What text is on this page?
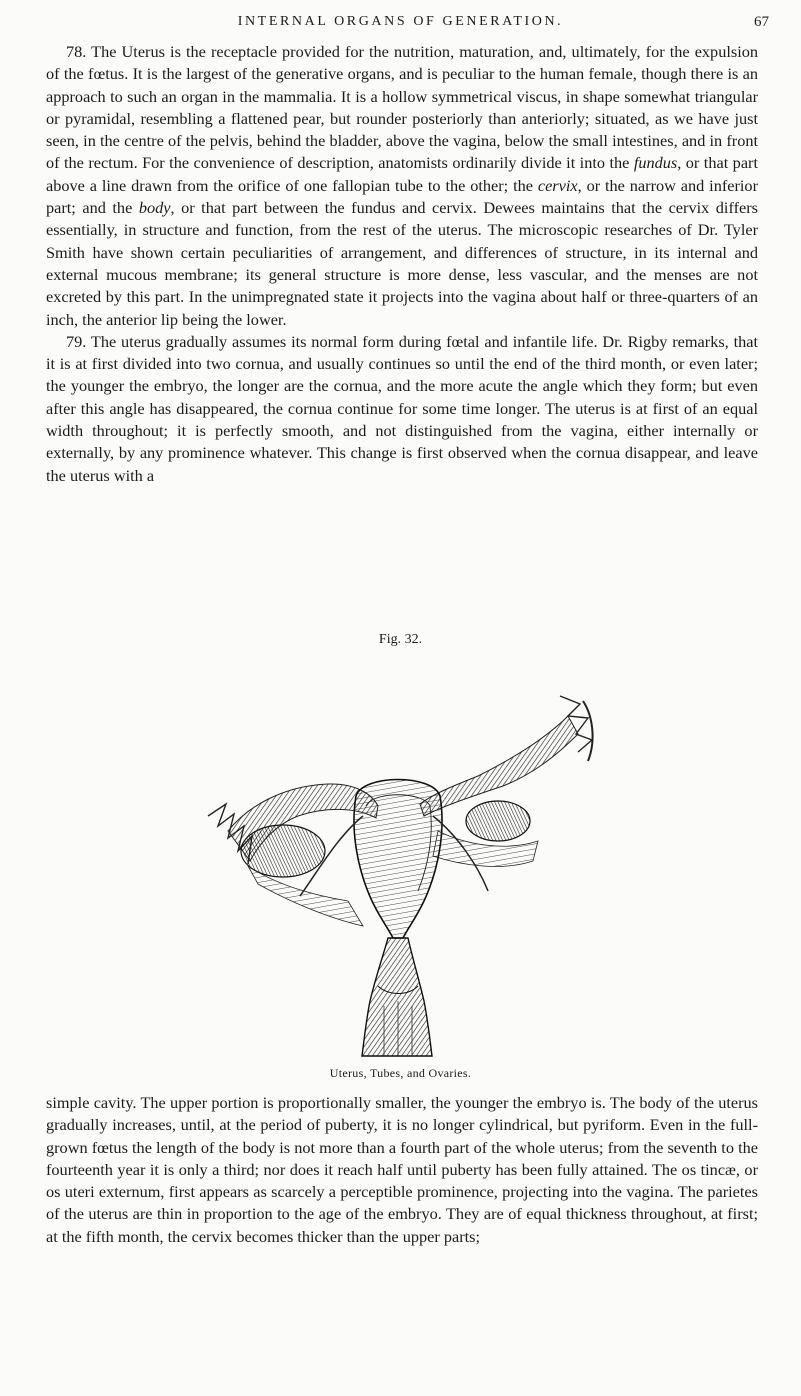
INTERNAL ORGANS OF GENERATION.	67

78. The Uterus is the receptacle provided for the nutrition, maturation, and, ultimately, for the expulsion of the fœtus. It is the largest of the generative organs, and is peculiar to the human female, though there is an approach to such an organ in the mammalia. It is a hollow symmetrical viscus, in shape somewhat triangular or pyramidal, resembling a flattened pear, but rounder posteriorly than anteriorly; situated, as we have just seen, in the centre of the pelvis, behind the bladder, above the vagina, below the small intestines, and in front of the rectum. For the convenience of description, anatomists ordinarily divide it into the fundus, or that part above a line drawn from the orifice of one fallopian tube to the other; the cervix, or the narrow and inferior part; and the body, or that part between the fundus and cervix. Dewees maintains that the cervix differs essentially, in structure and function, from the rest of the uterus. The microscopic researches of Dr. Tyler Smith have shown certain peculiarities of arrangement, and differences of structure, in its internal and external mucous membrane; its general structure is more dense, less vascular, and the menses are not excreted by this part. In the unimpregnated state it projects into the vagina about half or three-quarters of an inch, the anterior lip being the lower.

79. The uterus gradually assumes its normal form during fœtal and infantile life. Dr. Rigby remarks, that it is at first divided into two cornua, and usually continues so until the end of the third month, or even later; the younger the embryo, the longer are the cornua, and the more acute the angle which they form; but even after this angle has disappeared, the cornua continue for some time longer. The uterus is at first of an equal width throughout; it is perfectly smooth, and not distinguished from the vagina, either internally or externally, by any prominence whatever. This change is first observed when the cornua disappear, and leave the uterus with a

Fig. 32.
Uterus, Tubes, and Ovaries.

simple cavity. The upper portion is proportionally smaller, the younger the embryo is. The body of the uterus gradually increases, until, at the period of puberty, it is no longer cylindrical, but pyriform. Even in the full-grown fœtus the length of the body is not more than a fourth part of the whole uterus; from the seventh to the fourteenth year it is only a third; nor does it reach half until puberty has been fully attained. The os tincæ, or os uteri externum, first appears as scarcely a perceptible prominence, projecting into the vagina. The parietes of the uterus are thin in proportion to the age of the embryo. They are of equal thickness throughout, at first; at the fifth month, the cervix becomes thicker than the upper parts;
